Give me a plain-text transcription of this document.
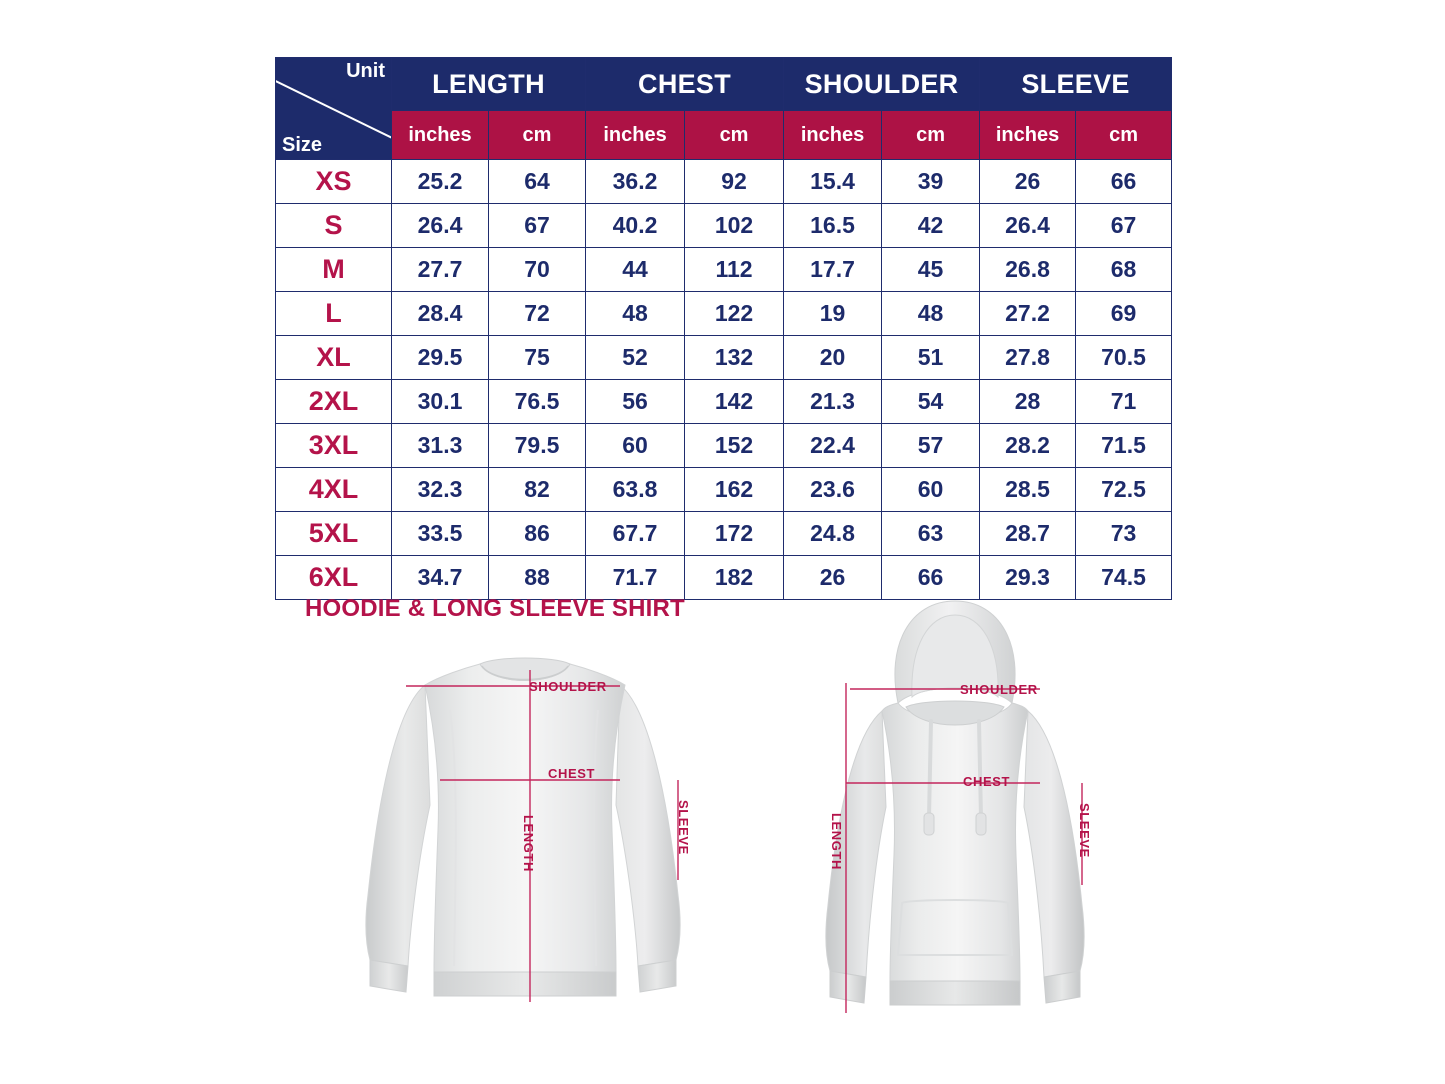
Unit
Size	LENGTH		CHEST		SHOULDER		SLEEVE	
	inches	cm	inches	cm	inches	cm	inches	cm
XS	25.2	64	36.2	92	15.4	39	26	66
S	26.4	67	40.2	102	16.5	42	26.4	67
M	27.7	70	44	112	17.7	45	26.8	68
L	28.4	72	48	122	19	48	27.2	69
XL	29.5	75	52	132	20	51	27.8	70.5
2XL	30.1	76.5	56	142	21.3	54	28	71
3XL	31.3	79.5	60	152	22.4	57	28.2	71.5
4XL	32.3	82	63.8	162	23.6	60	28.5	72.5
5XL	33.5	86	67.7	172	24.8	63	28.7	73
6XL	34.7	88	71.7	182	26	66	29.3	74.5
HOODIE & LONG SLEEVE SHIRT
SHOULDER
CHEST
LENGTH	SLEEVE
SHOULDER
CHEST
LENGTH	SLEEVE
